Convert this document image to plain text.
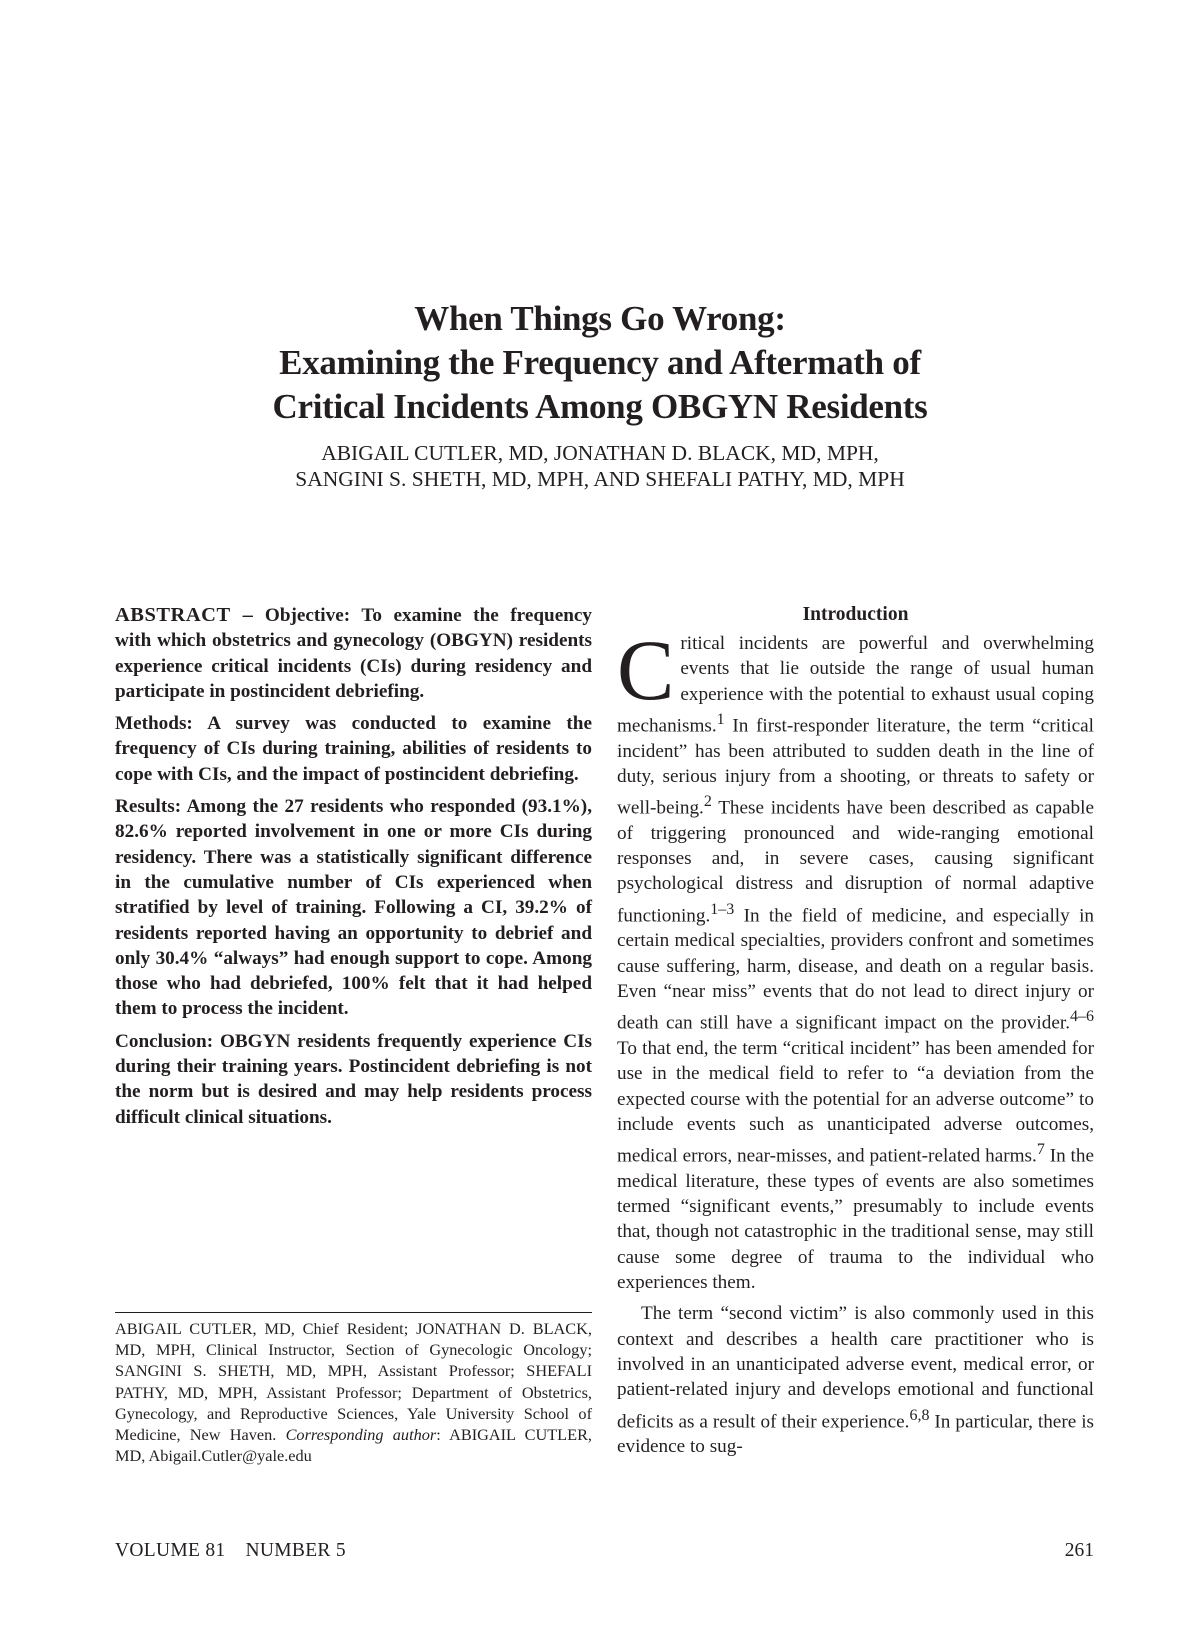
When Things Go Wrong:
Examining the Frequency and Aftermath of
Critical Incidents Among OBGYN Residents

ABIGAIL CUTLER, MD, JONATHAN D. BLACK, MD, MPH,
SANGINI S. SHETH, MD, MPH, AND SHEFALI PATHY, MD, MPH

ABSTRACT – Objective: To examine the frequency with which obstetrics and gynecology (OBGYN) residents experience critical incidents (CIs) during residency and participate in postincident debriefing.

Methods: A survey was conducted to examine the frequency of CIs during training, abilities of residents to cope with CIs, and the impact of postincident debriefing.

Results: Among the 27 residents who responded (93.1%), 82.6% reported involvement in one or more CIs during residency. There was a statistically significant difference in the cumulative number of CIs experienced when stratified by level of training. Following a CI, 39.2% of residents reported having an opportunity to debrief and only 30.4% “always” had enough support to cope. Among those who had debriefed, 100% felt that it had helped them to process the incident.

Conclusion: OBGYN residents frequently experience CIs during their training years. Postincident debriefing is not the norm but is desired and may help residents process difficult clinical situations.

ABIGAIL CUTLER, MD, Chief Resident; JONATHAN D. BLACK, MD, MPH, Clinical Instructor, Section of Gynecologic Oncology; SANGINI S. SHETH, MD, MPH, Assistant Professor; SHEFALI PATHY, MD, MPH, Assistant Professor; Department of Obstetrics, Gynecology, and Reproductive Sciences, Yale University School of Medicine, New Haven. Corresponding author: ABIGAIL CUTLER, MD, Abigail.Cutler@yale.edu

Introduction

Critical incidents are powerful and overwhelming events that lie outside the range of usual human experience with the potential to exhaust usual coping mechanisms.$^1$ In first-responder literature, the term “critical incident” has been attributed to sudden death in the line of duty, serious injury from a shooting, or threats to safety or well-being.$^2$ These incidents have been described as capable of triggering pronounced and wide-ranging emotional responses and, in severe cases, causing significant psychological distress and disruption of normal adaptive functioning.$^{1-3}$ In the field of medicine, and especially in certain medical specialties, providers confront and sometimes cause suffering, harm, disease, and death on a regular basis. Even “near miss” events that do not lead to direct injury or death can still have a significant impact on the provider.$^{4-6}$ To that end, the term “critical incident” has been amended for use in the medical field to refer to “a deviation from the expected course with the potential for an adverse outcome” to include events such as unanticipated adverse outcomes, medical errors, near-misses, and patient-related harms.$^7$ In the medical literature, these types of events are also sometimes termed “significant events,” presumably to include events that, though not catastrophic in the traditional sense, may still cause some degree of trauma to the individual who experiences them.

The term “second victim” is also commonly used in this context and describes a health care practitioner who is involved in an unanticipated adverse event, medical error, or patient-related injury and develops emotional and functional deficits as a result of their experience.$^{6,8}$ In particular, there is evidence to sug-

VOLUME 81 NUMBER 5	261
